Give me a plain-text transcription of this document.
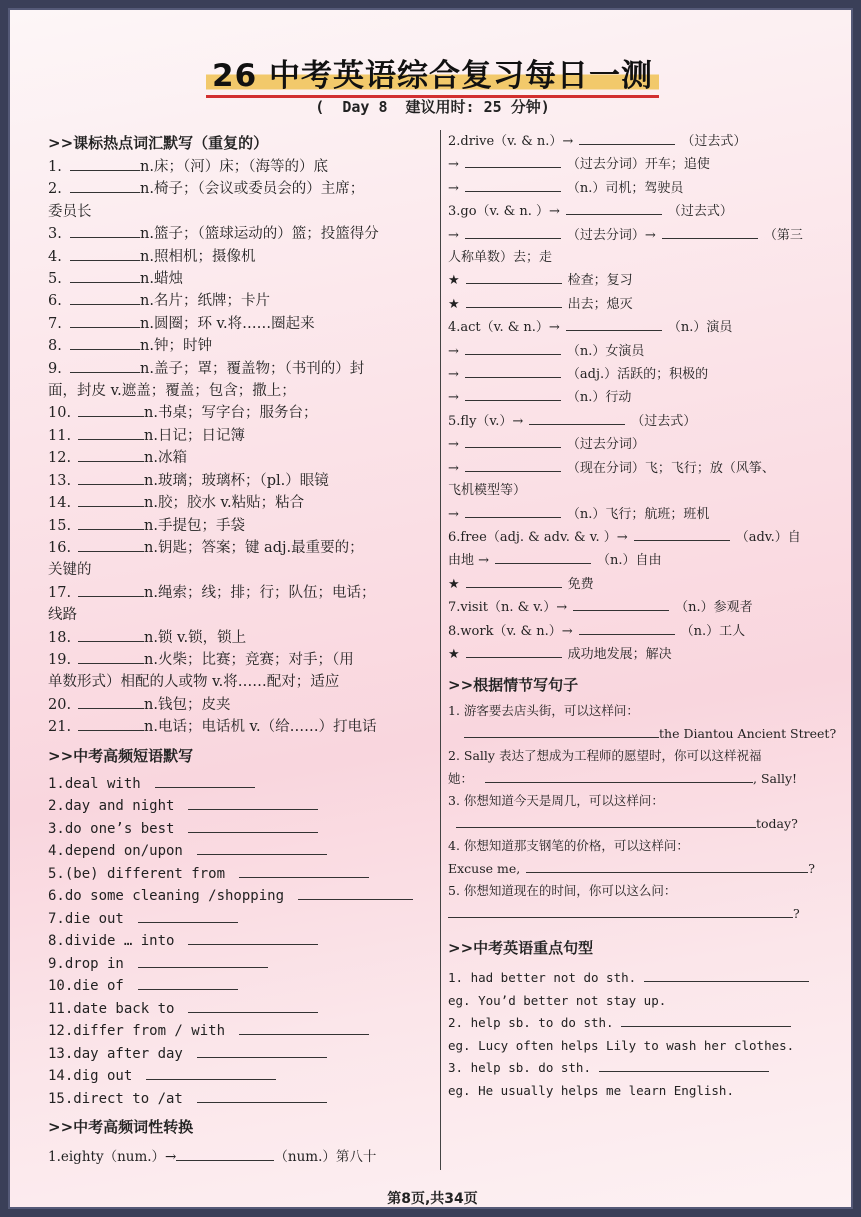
26 中考英语综合复习每日一测
(  Day 8  建议用时: 25 分钟)
>>课标热点词汇默写（重复的）
1.	n.床；（河）床；（海等的）底
2.	n.椅子；（会议或委员会的）主席；
委员长
3.	n.篮子；（篮球运动的）篮；投篮得分
4.	n.照相机；摄像机
5.	n.蜡烛
6.	n.名片；纸牌；卡片
7.	n.圆圈；环 v.将……圈起来
8.	n.钟；时钟
9.	n.盖子；罩；覆盖物；（书刊的）封
面，封皮 v.遮盖；覆盖；包含；撒上；
10.	n.书桌；写字台；服务台；
11.	n.日记；日记簿
12.	n.冰箱
13.	n.玻璃；玻璃杯；（pl.）眼镜
14.	n.胶；胶水 v.粘贴；粘合
15.	n.手提包；手袋
16.	n.钥匙；答案；键 adj.最重要的；
关键的
17.	n.绳索；线；排；行；队伍；电话；
线路
18.	n.锁 v.锁，锁上
19.	n.火柴；比赛；竞赛；对手；（用
单数形式）相配的人或物 v.将……配对；适应
20.	n.钱包；皮夹
21.	n.电话；电话机 v.（给……）打电话
>>中考高频短语默写
1.deal with
2.day and night
3.do one’s best
4.depend on/upon
5.(be) different from
6.do some cleaning /shopping
7.die out
8.divide … into
9.drop in
10.die of
11.date back to
12.differ from / with
13.day after day
14.dig out
15.direct to /at
>>中考高频词性转换
1.eighty（num.）→	（num.）第八十
2.drive（v. & n.）→	（过去式）
→	（过去分词）开车；追使
→	（n.）司机；驾驶员
3.go（v. & n. ）→	（过去式）
→	（过去分词）→	（第三
人称单数）去；走
★	检查；复习
★	出去；熄灭
4.act（v. & n.）→	（n.）演员
→	（n.）女演员
→	（adj.）活跃的；积极的
→	（n.）行动
5.fly（v.）→	（过去式）
→	（过去分词）
→	（现在分词）飞；飞行；放（风筝、
飞机模型等）
→	（n.）飞行；航班；班机
6.free（adj. & adv. & v. ）→	（adv.）自
由地 →	（n.）自由
★	免费
7.visit（n. & v.）→	（n.）参观者
8.work（v. & n.）→	（n.）工人
★	成功地发展；解决
>>根据情节写句子
1. 游客要去店头街，可以这样问：
the Diantou Ancient Street?
2. Sally 表达了想成为工程师的愿望时，你可以这样祝福
她：	, Sally!
3. 你想知道今天是周几，可以这样问：
today?
4. 你想知道那支钢笔的价格，可以这样问：
Excuse me,	?
5. 你想知道现在的时间，你可以这么问：
?
>>中考英语重点句型
1. had better not do sth.
eg. You’d better not stay up.
2. help sb. to do sth.
eg. Lucy often helps Lily to wash her clothes.
3. help sb. do sth.
eg. He usually helps me learn English.
第8页,共34页
